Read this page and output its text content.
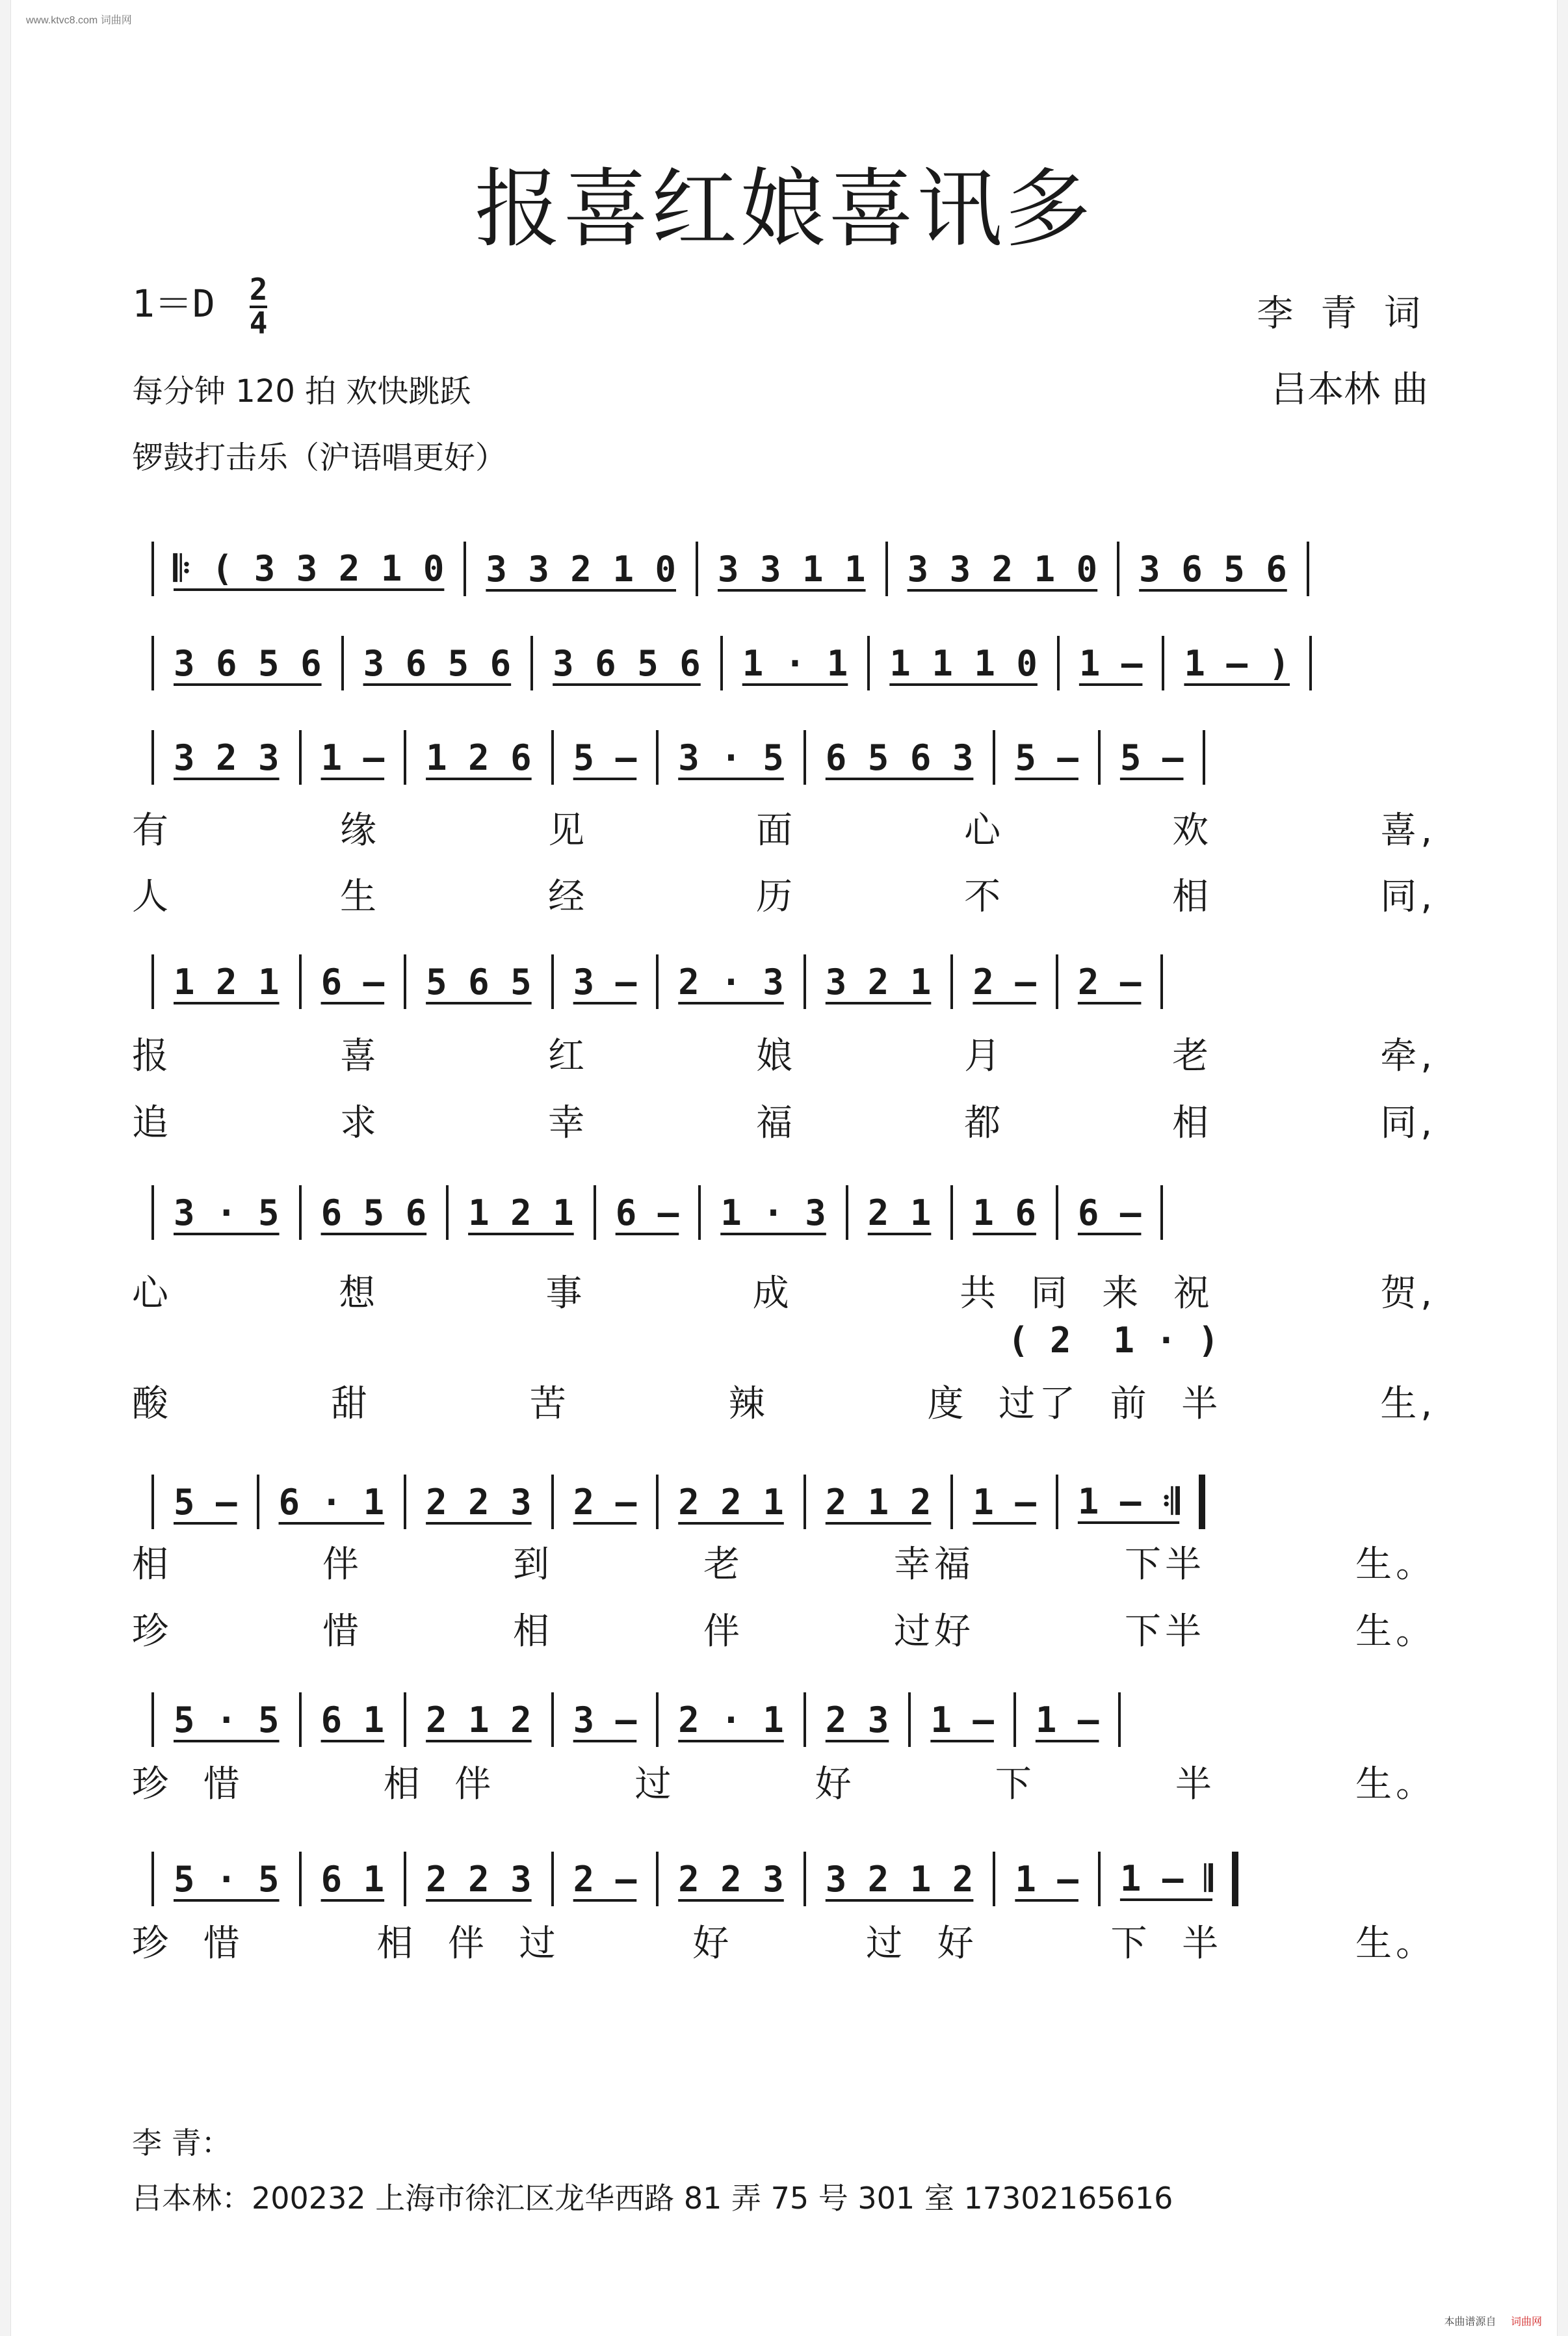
www.ktvc8.com 词曲网
报喜红娘喜讯多
$1=D \frac{2}{4}$
每分钟 120 拍 欢快跳跃
锣鼓打击乐（沪语唱更好）
李 青 词
吕本林 曲
𝄆 ( 3 3 2 1 0 3 3 2 1 0 3 3 1 1 3 3 2 1 0 3 6 5 6
3 6 5 6 3 6 5 6 3 6 5 6 1 · 1 1 1 1 0 1 – 1 – )
3 2 3 1 – 1 2 6 5 – 3 · 5 6 5 6 3 5 – 5 –
1 2 1 6 – 5 6 5 3 – 2 · 3 3 2 1 2 – 2 –
3 · 5 6 5 6 1 2 1 6 – 1 · 3 2 1 1 6 6 –
5 – 6 · 1 2 2 3 2 – 2 2 1 2 1 2 1 – 1 – 𝄇
5 · 5 6 1 2 1 2 3 – 2 · 1 2 3 1 – 1 –
5 · 5 6 1 2 2 3 2 – 2 2 3 3 2 1 2 1 – 1 – 𝄂
( 2  1 · )
有	缘	见	面	心	欢	喜,
人	生	经	历	不	相	同,
报	喜	红	娘	月	老	牵,
追	求	幸	福	都	相	同,
心	想	事	成	共  同  来  祝	贺,
酸	甜	苦	辣	度  过了  前  半	生,
相	伴	到	老	幸福	下半	生。
珍	惜	相	伴	过好	下半	生。
珍  惜	相  伴	过	好	下	半	生。
珍  惜	相  伴  过	好	过  好	下  半	生。
李 青：
吕本林：200232 上海市徐汇区龙华西路 81 弄 75 号 301 室 17302165616
本曲谱源自 词曲网
